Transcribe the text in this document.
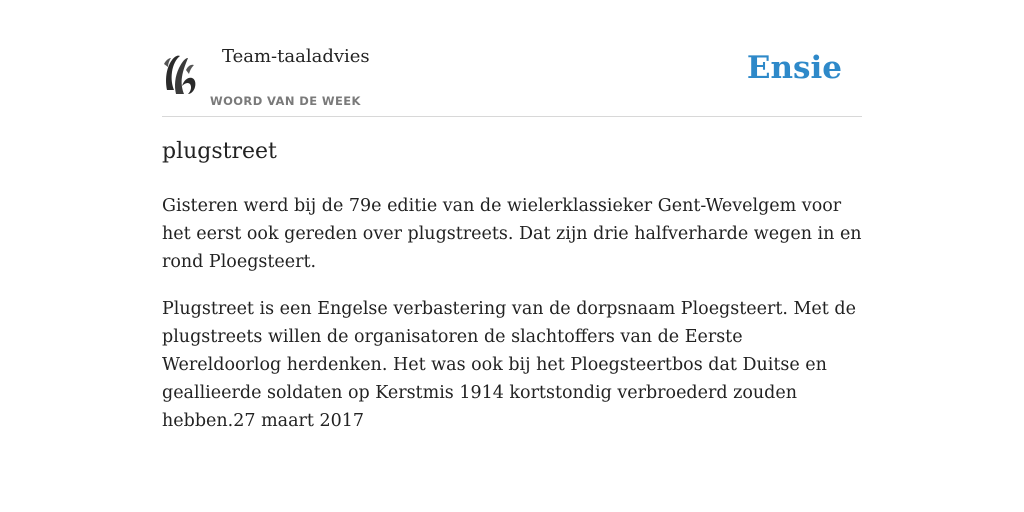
Team-taaladvies
WOORD VAN DE WEEK
Ensie
plugstreet

Gisteren werd bij de 79e editie van de wielerklassieker Gent-Wevelgem voor het eerst ook gereden over plugstreets. Dat zijn drie halfverharde wegen in en rond Ploegsteert.

Plugstreet is een Engelse verbastering van de dorpsnaam Ploegsteert. Met de plugstreets willen de organisatoren de slachtoffers van de Eerste Wereldoorlog herdenken. Het was ook bij het Ploegsteertbos dat Duitse en geallieerde soldaten op Kerstmis 1914 kortstondig verbroederd zouden hebben.27 maart 2017
